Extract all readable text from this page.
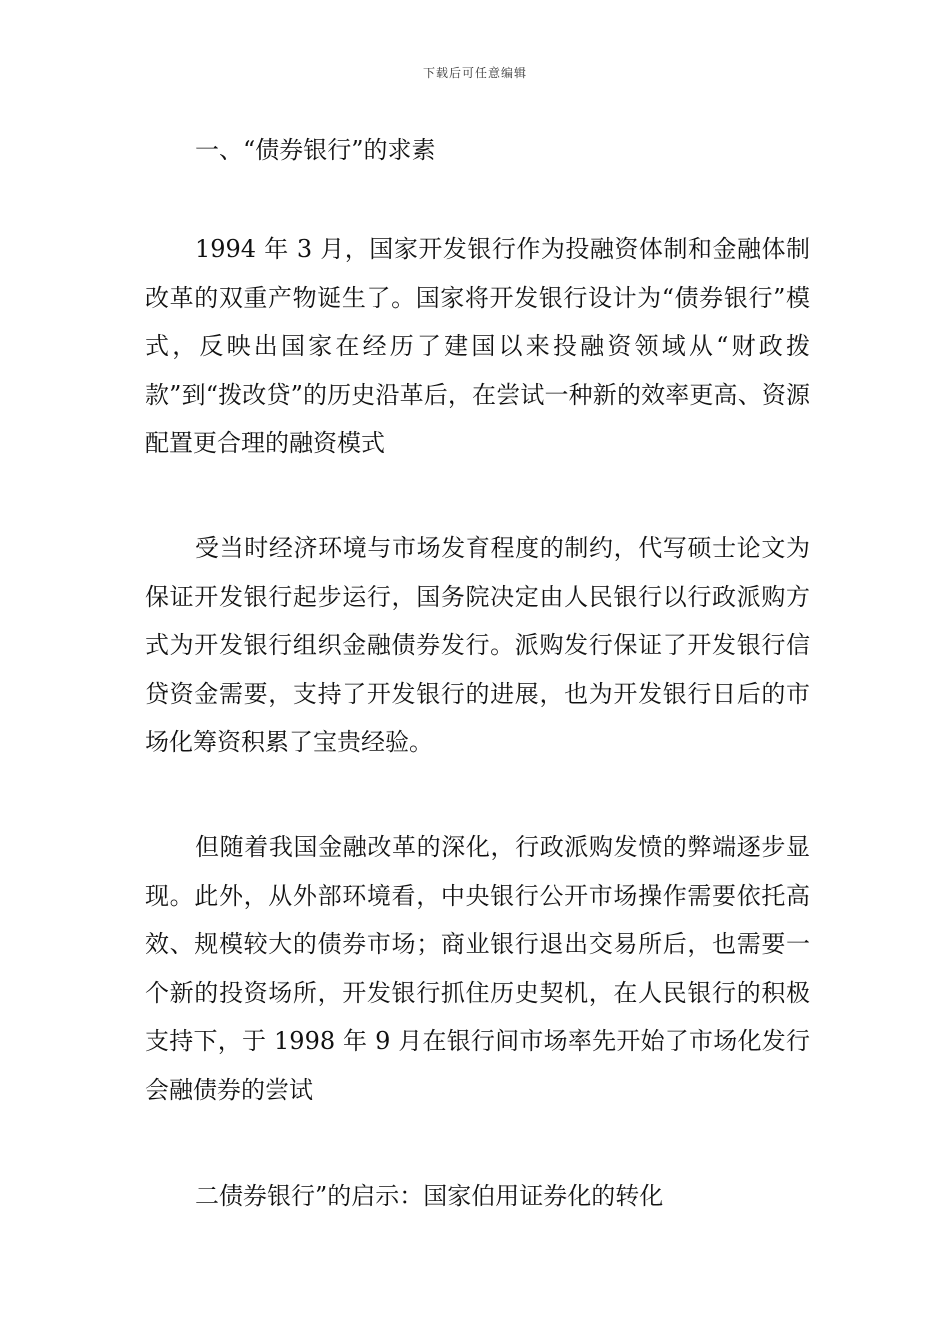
下载后可任意编辑

一、“债券银行”的求素

1994 年 3 月，国家开发银行作为投融资体制和金融体制改革的双重产物诞生了。国家将开发银行设计为“债券银行”模式，反映出国家在经历了建国以来投融资领域从“财政拨款”到“拨改贷”的历史沿革后，在尝试一种新的效率更高、资源配置更合理的融资模式

受当时经济环境与市场发育程度的制约，代写硕士论文为保证开发银行起步运行，国务院决定由人民银行以行政派购方式为开发银行组织金融债券发行。派购发行保证了开发银行信贷资金需要，支持了开发银行的进展，也为开发银行日后的市场化筹资积累了宝贵经验。

但随着我国金融改革的深化，行政派购发愤的弊端逐步显现。此外，从外部环境看，中央银行公开市场操作需要依托高效、规模较大的债券市场；商业银行退出交易所后，也需要一个新的投资场所，开发银行抓住历史契机，在人民银行的积极支持下，于 1998 年 9 月在银行间市场率先开始了市场化发行会融债券的尝试

二债券银行”的启示：国家伯用证券化的转化
